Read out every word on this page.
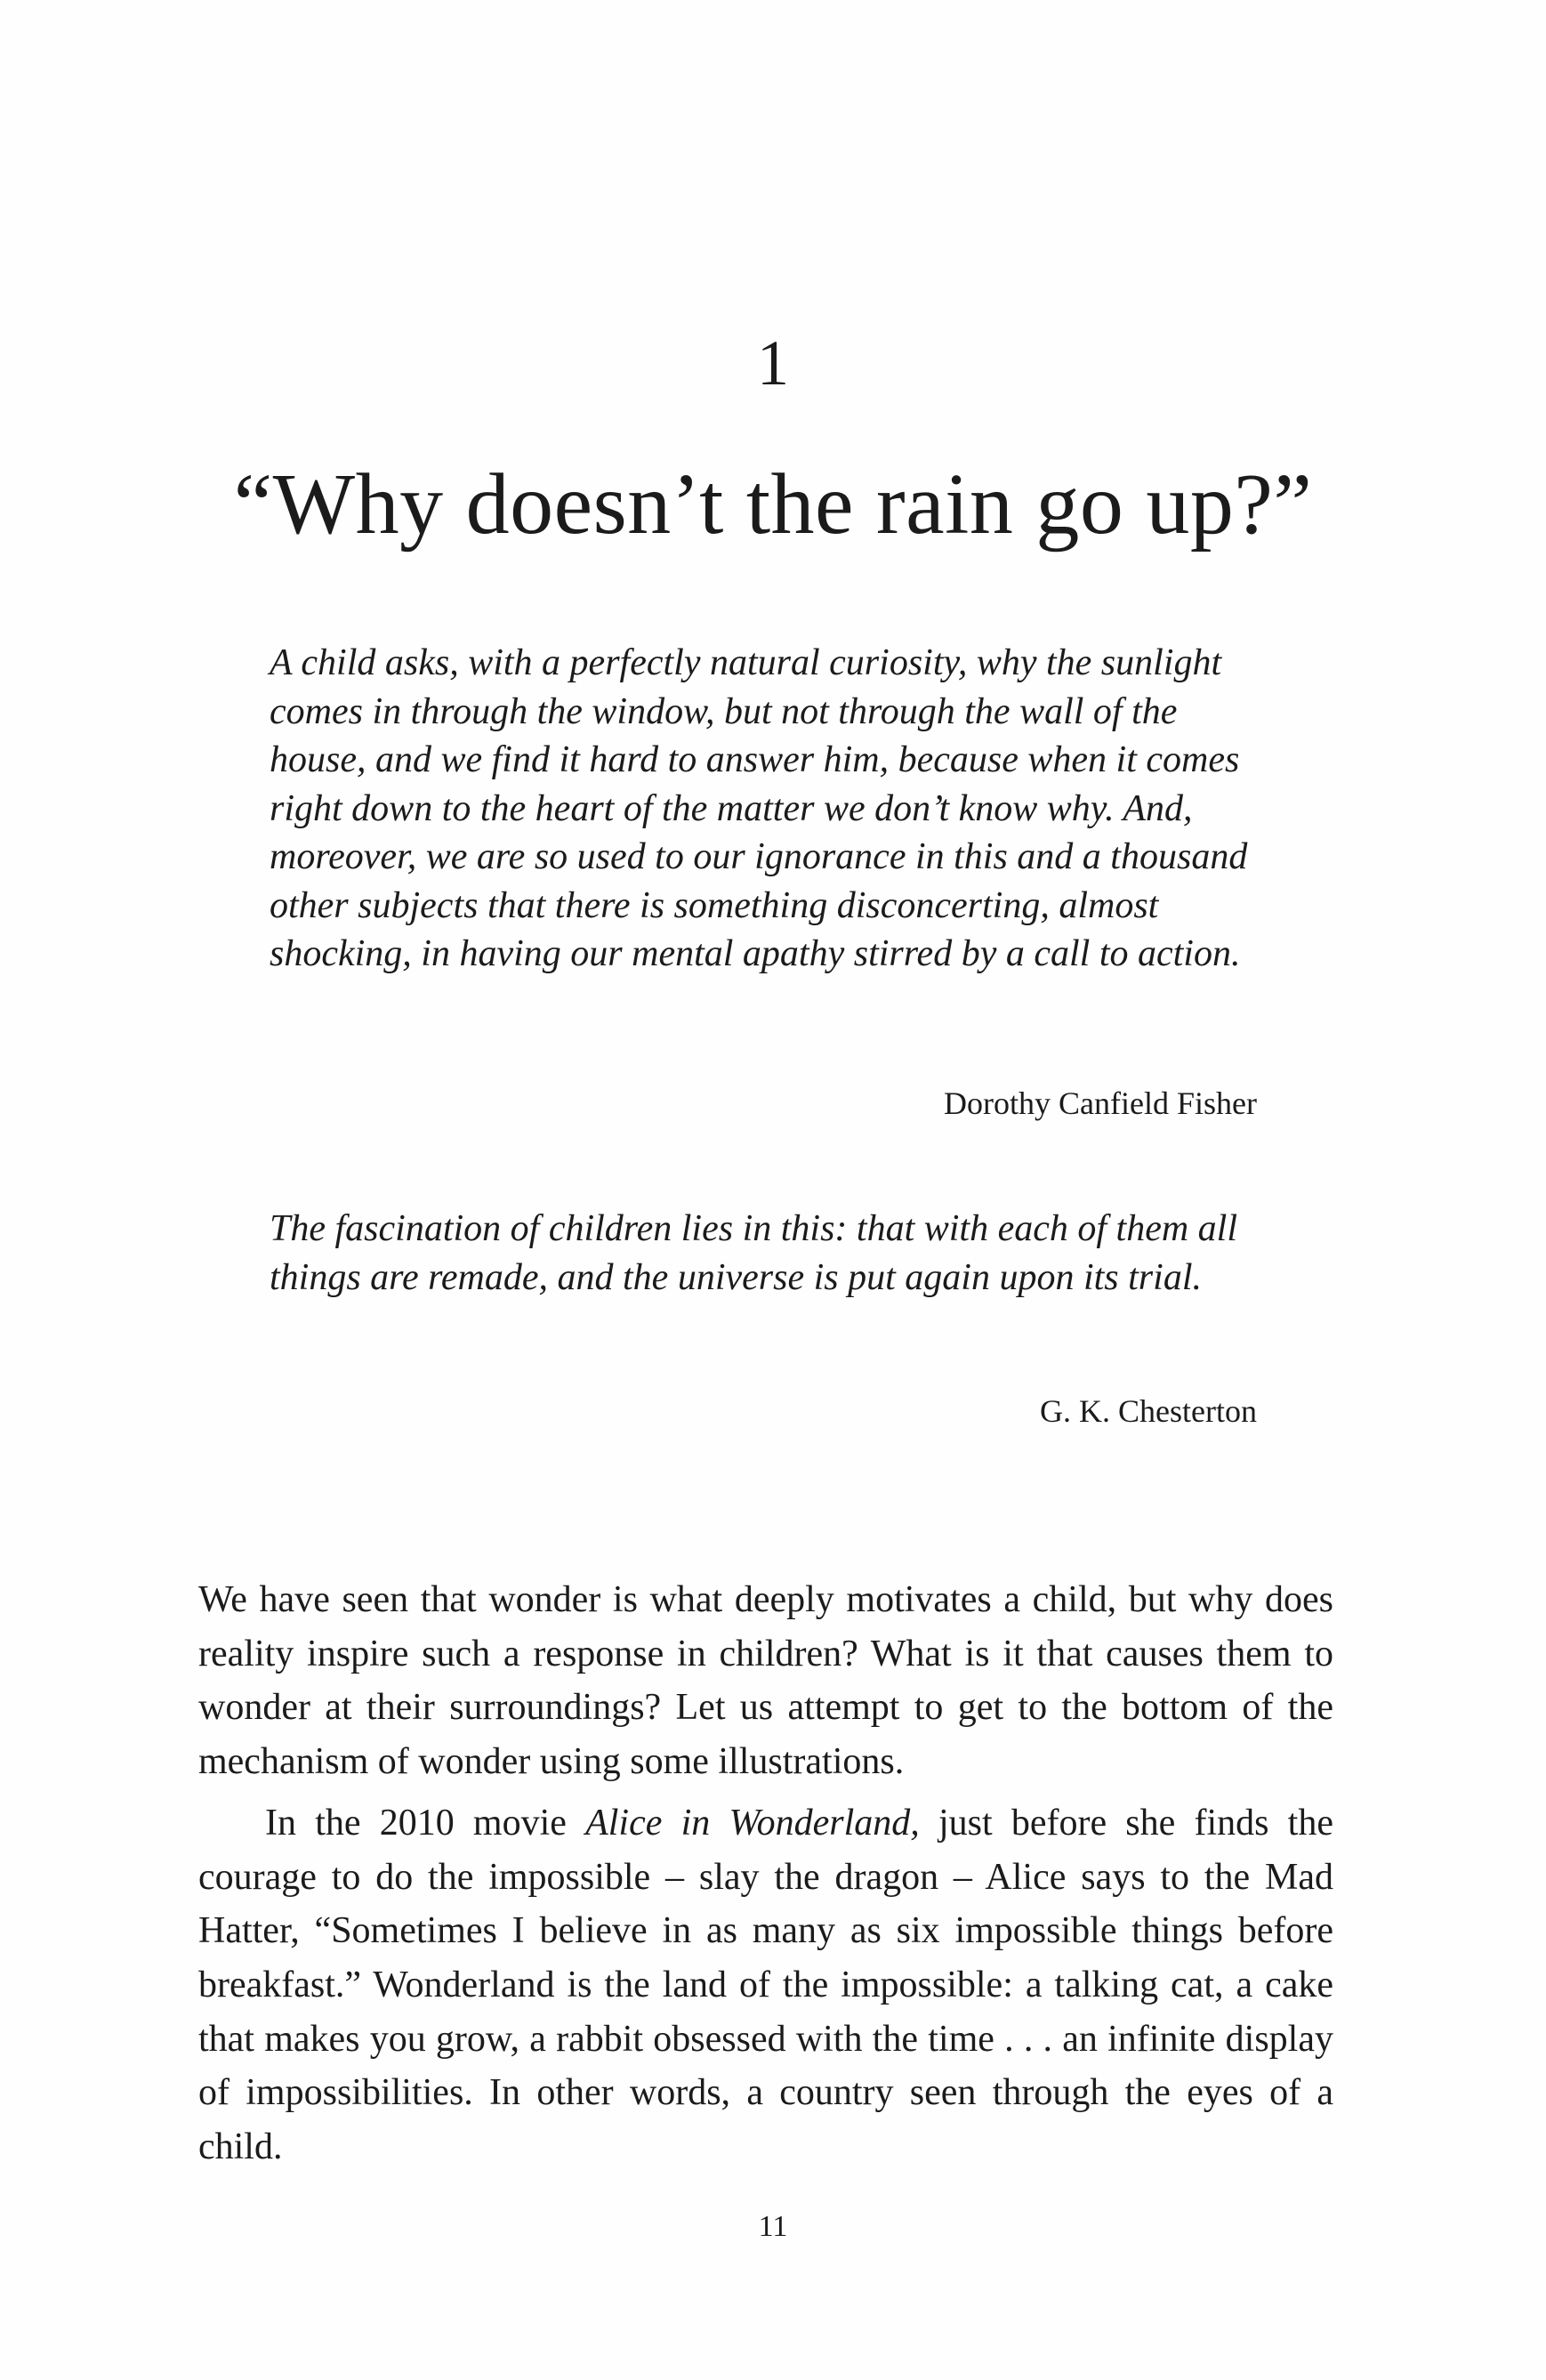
1
“Why doesn’t the rain go up?”
A child asks, with a perfectly natural curiosity, why the sunlight comes in through the window, but not through the wall of the house, and we find it hard to answer him, because when it comes right down to the heart of the matter we don’t know why. And, moreover, we are so used to our ignorance in this and a thousand other subjects that there is something disconcerting, almost shocking, in having our mental apathy stirred by a call to action.
Dorothy Canfield Fisher
The fascination of children lies in this: that with each of them all things are remade, and the universe is put again upon its trial.
G. K. Chesterton

We have seen that wonder is what deeply motivates a child, but why does reality inspire such a response in children? What is it that causes them to wonder at their surroundings? Let us attempt to get to the bottom of the mechanism of wonder using some illustrations.

In the 2010 movie Alice in Wonderland, just before she finds the courage to do the impossible – slay the dragon – Alice says to the Mad Hatter, “Sometimes I believe in as many as six impossible things before breakfast.” Wonderland is the land of the impossible: a talking cat, a cake that makes you grow, a rabbit obsessed with the time . . . an infinite display of impossibilities. In other words, a country seen through the eyes of a child.

11
